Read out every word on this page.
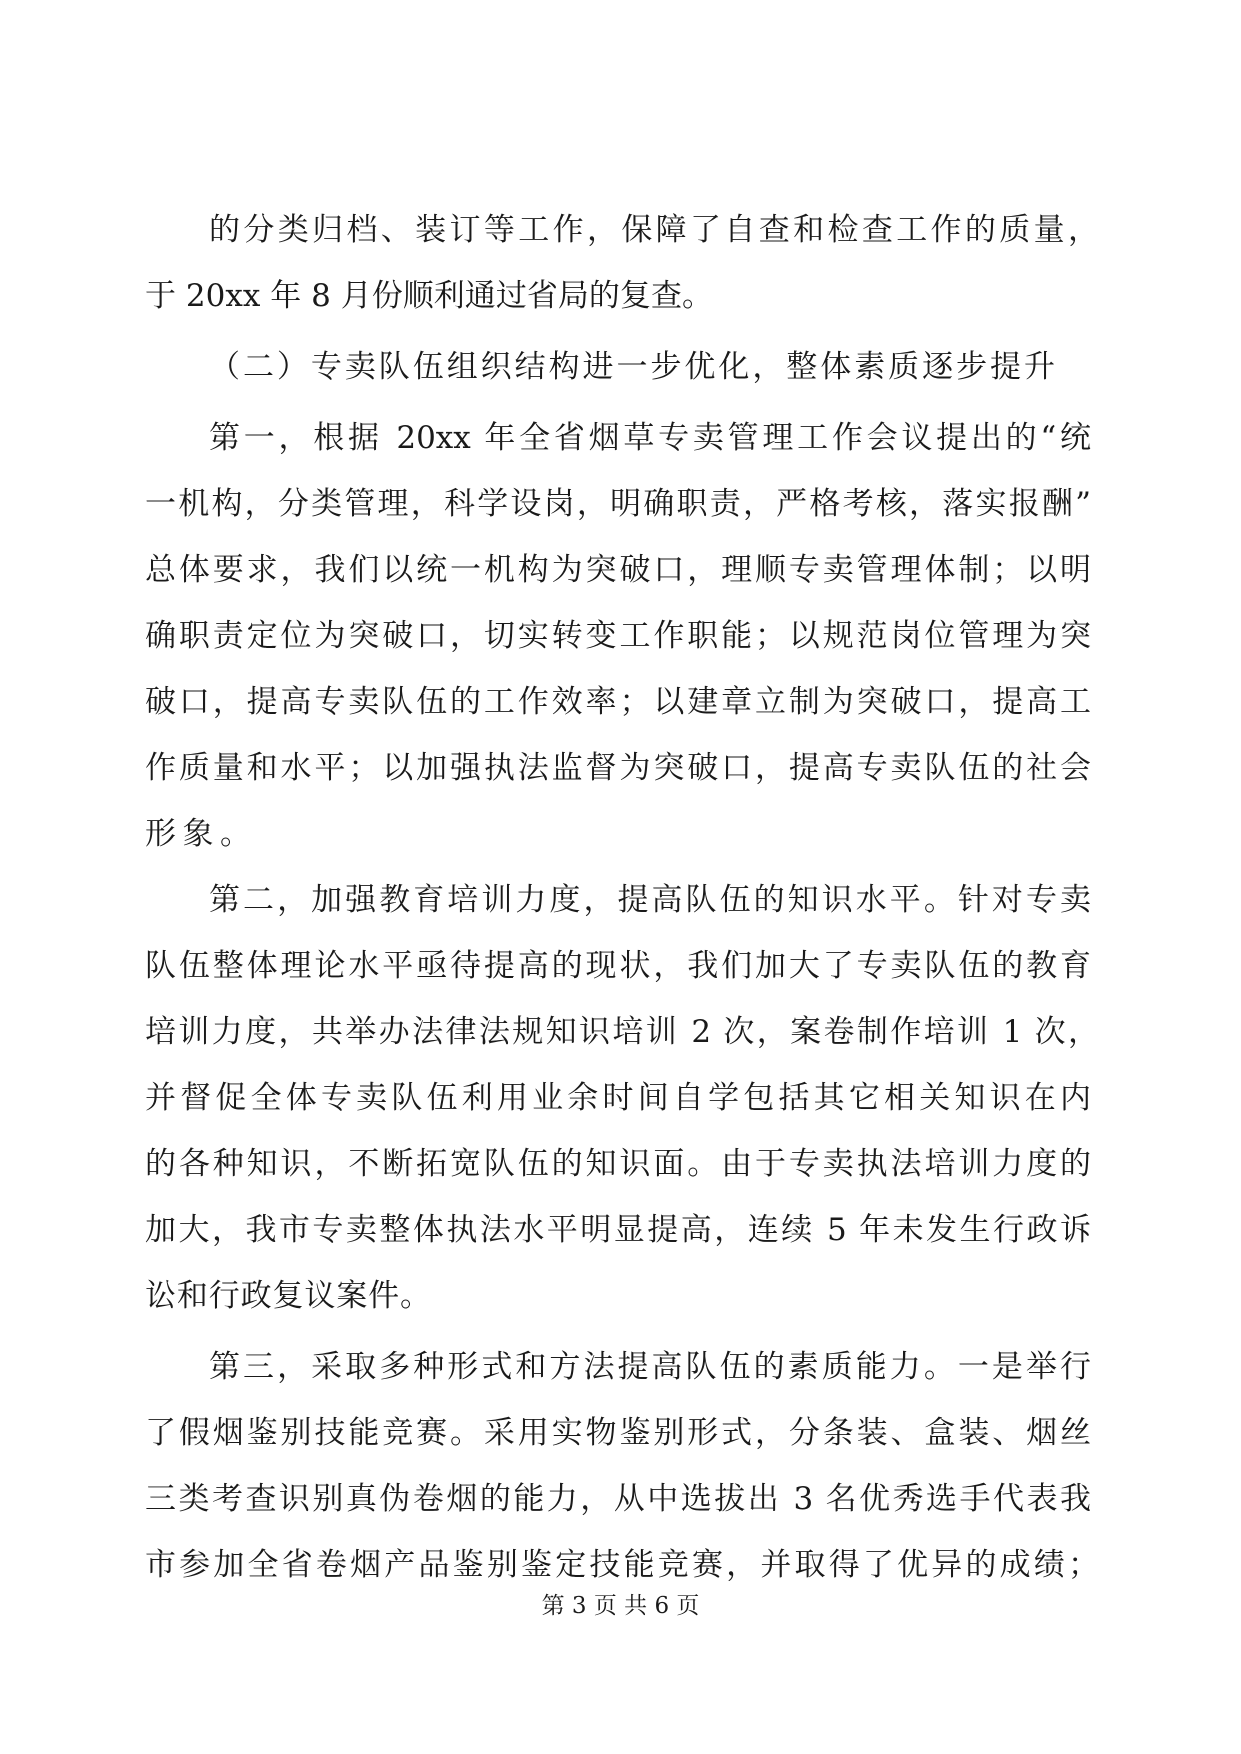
的分类归档、装订等工作，保障了自查和检查工作的质量，
于 20xx 年 8 月份顺利通过省局的复查。
（二）专卖队伍组织结构进一步优化，整体素质逐步提升
第一，根据 20xx 年全省烟草专卖管理工作会议提出的“统
一机构，分类管理，科学设岗，明确职责，严格考核，落实报酬”
总体要求，我们以统一机构为突破口，理顺专卖管理体制；以明
确职责定位为突破口，切实转变工作职能；以规范岗位管理为突
破口，提高专卖队伍的工作效率；以建章立制为突破口，提高工
作质量和水平；以加强执法监督为突破口，提高专卖队伍的社会
形象。
第二，加强教育培训力度，提高队伍的知识水平。针对专卖
队伍整体理论水平亟待提高的现状，我们加大了专卖队伍的教育
培训力度，共举办法律法规知识培训 2 次，案卷制作培训 1 次，
并督促全体专卖队伍利用业余时间自学包括其它相关知识在内
的各种知识，不断拓宽队伍的知识面。由于专卖执法培训力度的
加大，我市专卖整体执法水平明显提高，连续 5 年未发生行政诉
讼和行政复议案件。
第三，采取多种形式和方法提高队伍的素质能力。一是举行
了假烟鉴别技能竞赛。采用实物鉴别形式，分条装、盒装、烟丝
三类考查识别真伪卷烟的能力，从中选拔出 3 名优秀选手代表我
市参加全省卷烟产品鉴别鉴定技能竞赛，并取得了优异的成绩；
第 3 页 共 6 页
